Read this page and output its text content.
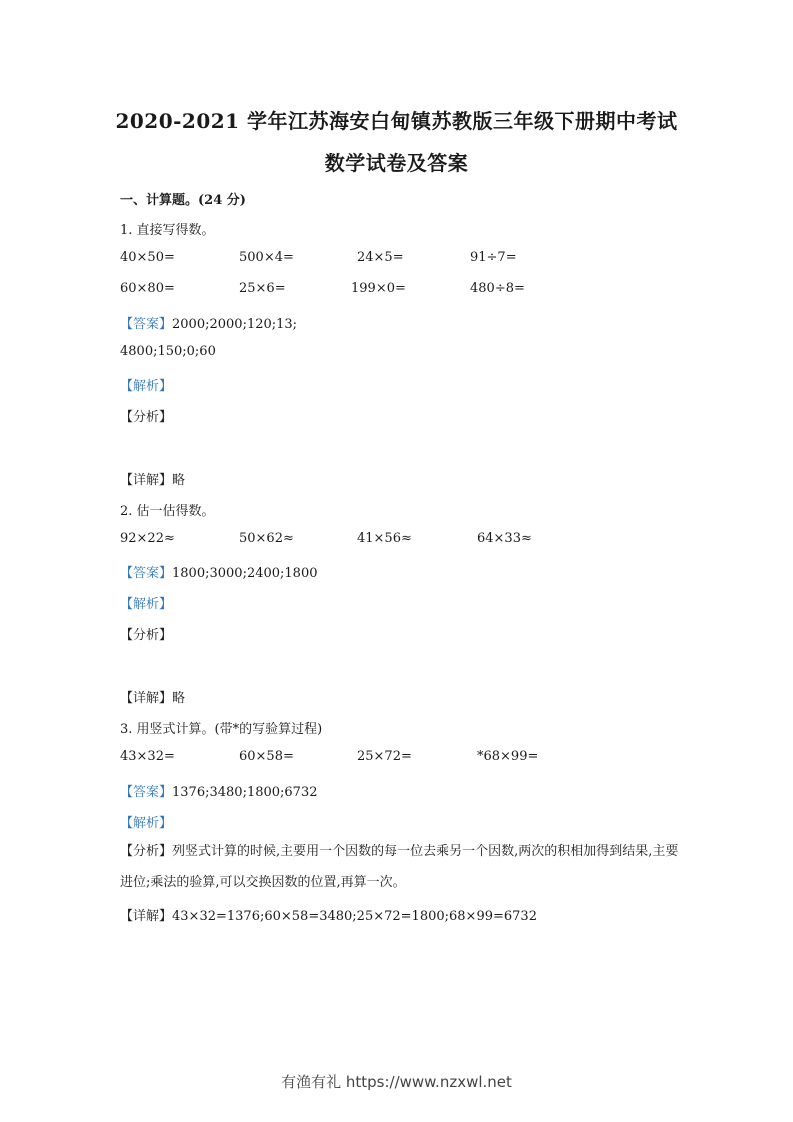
2020-2021 学年江苏海安白甸镇苏教版三年级下册期中考试
数学试卷及答案
一、计算题。(24 分)
1. 直接写得数。
40×50=	500×4=	24×5=	91÷7=
60×80=	25×6=	199×0=	480÷8=
【答案】2000;2000;120;13;
4800;150;0;60
【解析】
【分析】
【详解】略
2. 估一估得数。
92×22≈	50×62≈	41×56≈	64×33≈
【答案】1800;3000;2400;1800
【解析】
【分析】
【详解】略
3. 用竖式计算。(带*的写验算过程)
43×32=	60×58=	25×72=	*68×99=
【答案】1376;3480;1800;6732
【解析】
【分析】列竖式计算的时候,主要用一个因数的每一位去乘另一个因数,两次的积相加得到结果,主要进位;乘法的验算,可以交换因数的位置,再算一次。
【详解】43×32=1376;60×58=3480;25×72=1800;68×99=6732
有渔有礼 https://www.nzxwl.net
